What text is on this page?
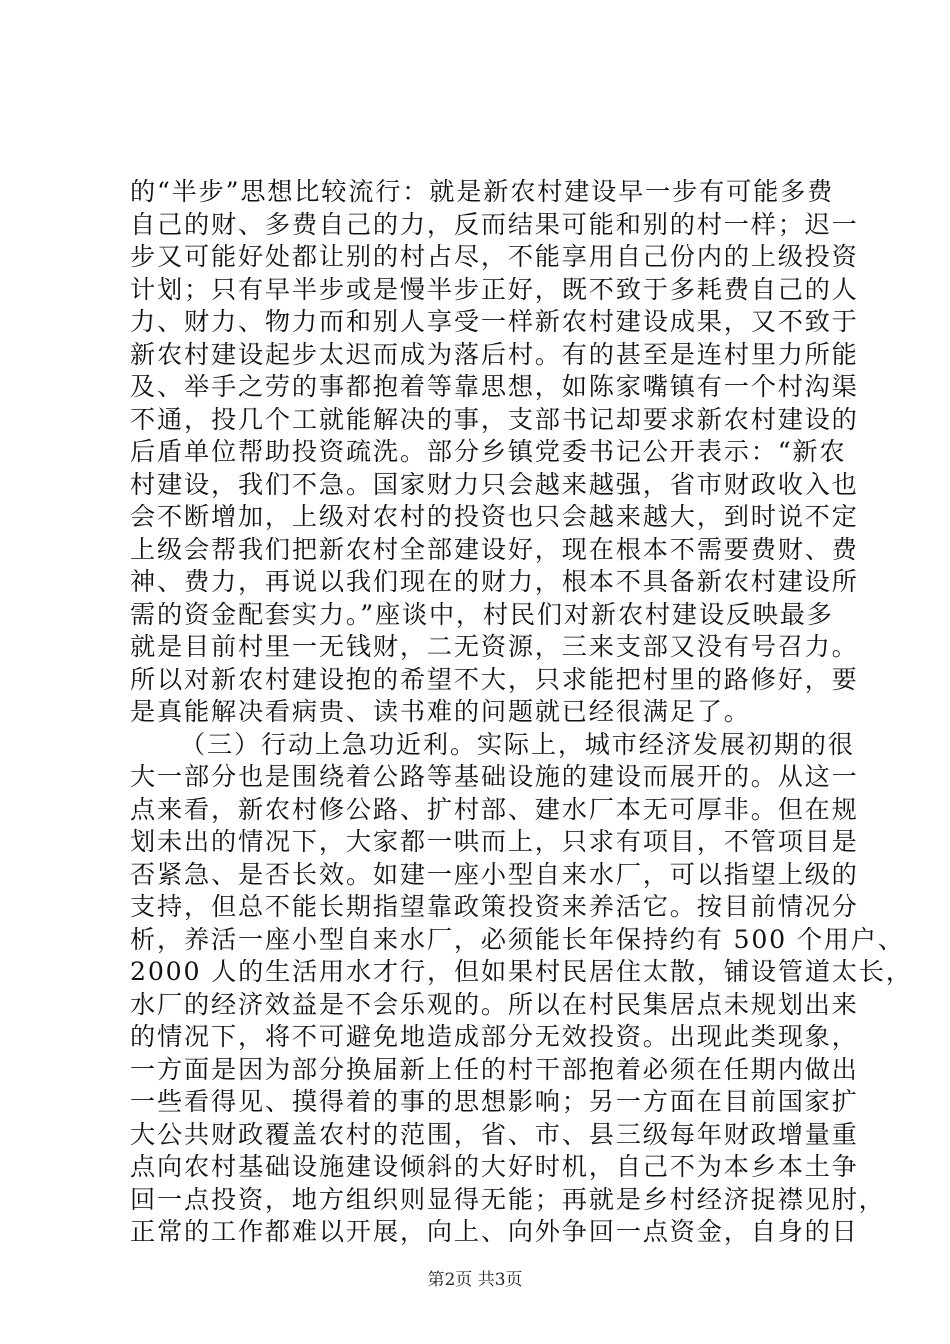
的“半步”思想比较流行：就是新农村建设早一步有可能多费
自己的财、多费自己的力，反而结果可能和别的村一样；迟一
步又可能好处都让别的村占尽，不能享用自己份内的上级投资
计划；只有早半步或是慢半步正好，既不致于多耗费自己的人
力、财力、物力而和别人享受一样新农村建设成果，又不致于
新农村建设起步太迟而成为落后村。有的甚至是连村里力所能
及、举手之劳的事都抱着等靠思想，如陈家嘴镇有一个村沟渠
不通，投几个工就能解决的事，支部书记却要求新农村建设的
后盾单位帮助投资疏洗。部分乡镇党委书记公开表示：“新农
村建设，我们不急。国家财力只会越来越强，省市财政收入也
会不断增加，上级对农村的投资也只会越来越大，到时说不定
上级会帮我们把新农村全部建设好，现在根本不需要费财、费
神、费力，再说以我们现在的财力，根本不具备新农村建设所
需的资金配套实力。”座谈中，村民们对新农村建设反映最多
就是目前村里一无钱财，二无资源，三来支部又没有号召力。
所以对新农村建设抱的希望不大，只求能把村里的路修好，要
是真能解决看病贵、读书难的问题就已经很满足了。
（三）行动上急功近利。实际上，城市经济发展初期的很
大一部分也是围绕着公路等基础设施的建设而展开的。从这一
点来看，新农村修公路、扩村部、建水厂本无可厚非。但在规
划未出的情况下，大家都一哄而上，只求有项目，不管项目是
否紧急、是否长效。如建一座小型自来水厂，可以指望上级的
支持，但总不能长期指望靠政策投资来养活它。按目前情况分
析，养活一座小型自来水厂，必须能长年保持约有 500 个用户、
2000 人的生活用水才行，但如果村民居住太散，铺设管道太长，
水厂的经济效益是不会乐观的。所以在村民集居点未规划出来
的情况下，将不可避免地造成部分无效投资。出现此类现象，
一方面是因为部分换届新上任的村干部抱着必须在任期内做出
一些看得见、摸得着的事的思想影响；另一方面在目前国家扩
大公共财政覆盖农村的范围，省、市、县三级每年财政增量重
点向农村基础设施建设倾斜的大好时机，自己不为本乡本土争
回一点投资，地方组织则显得无能；再就是乡村经济捉襟见肘，
正常的工作都难以开展，向上、向外争回一点资金，自身的日
第2页 共3页
